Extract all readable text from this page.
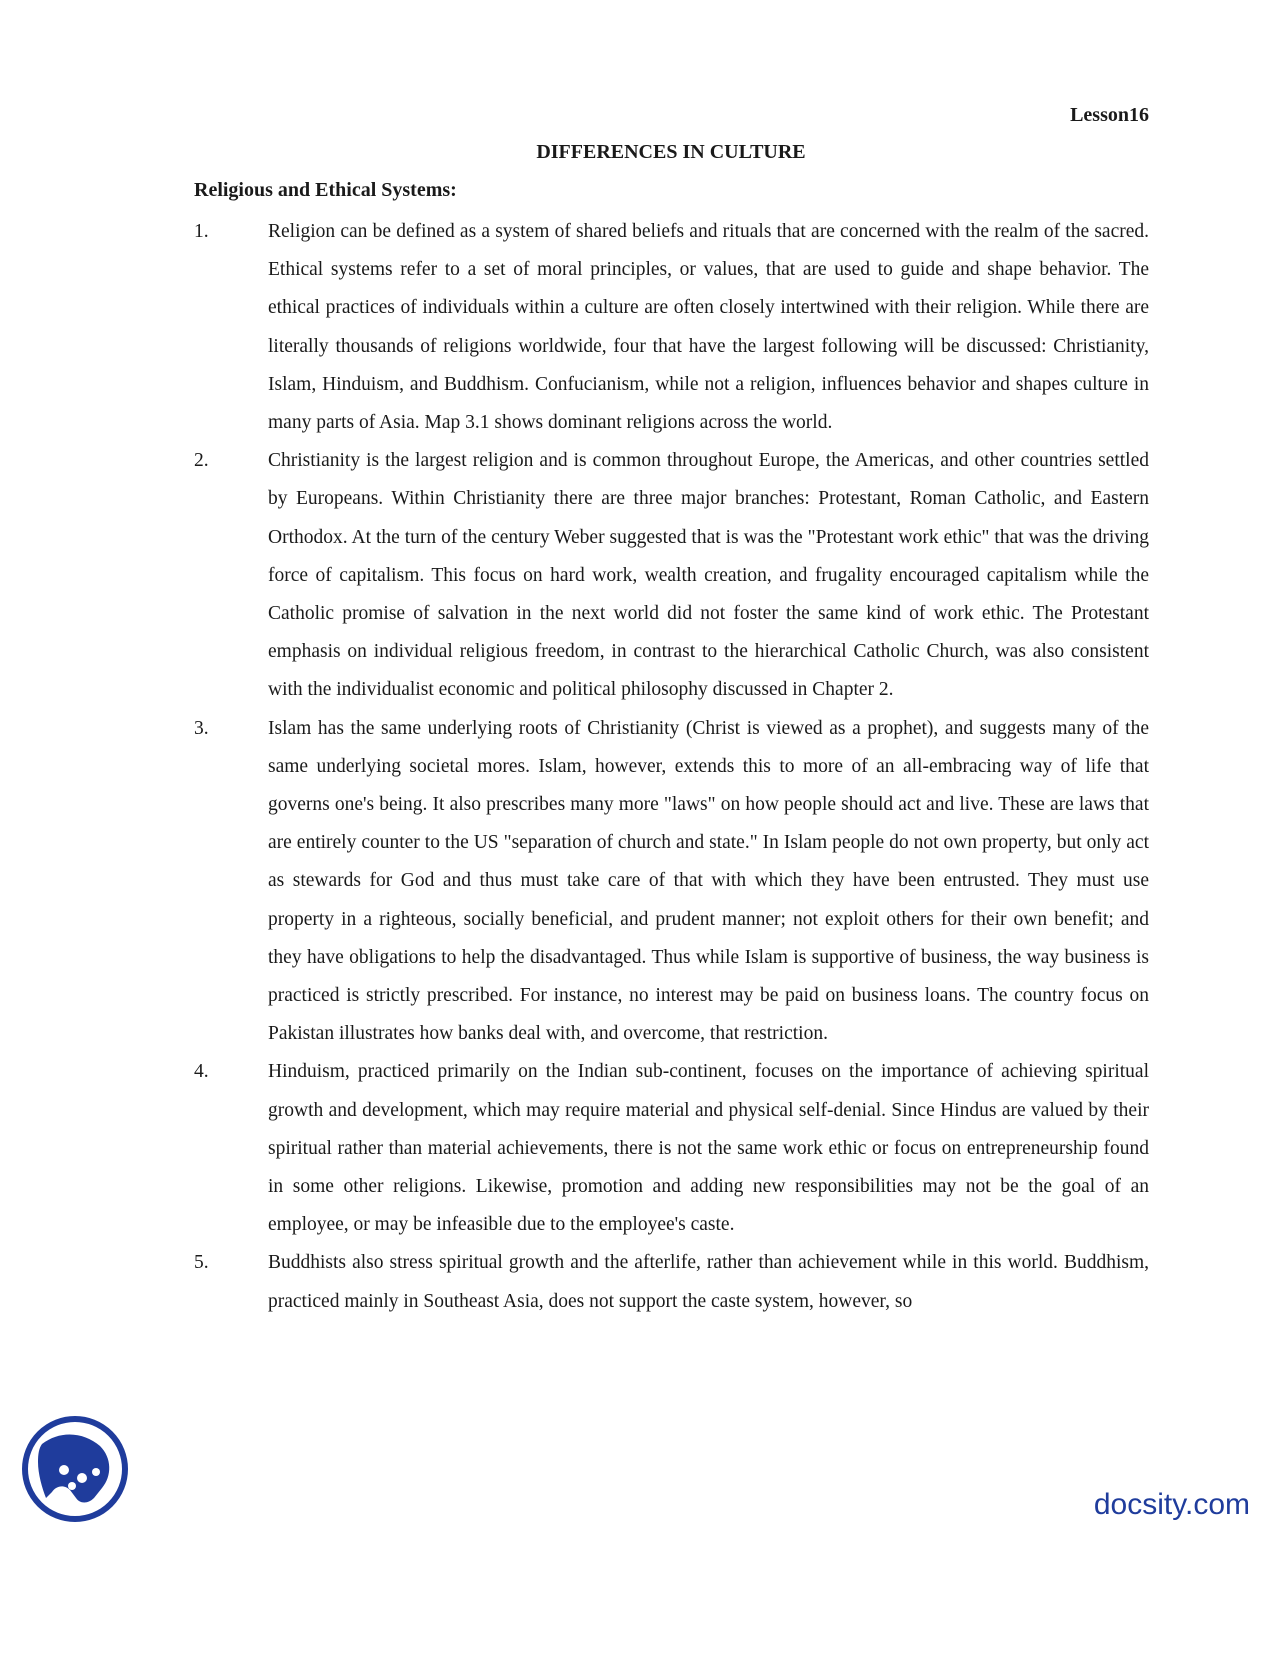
Lesson16
DIFFERENCES IN CULTURE
Religious and Ethical Systems:
1.	Religion can be defined as a system of shared beliefs and rituals that are concerned with the realm of the sacred. Ethical systems refer to a set of moral principles, or values, that are used to guide and shape behavior. The ethical practices of individuals within a culture are often closely intertwined with their religion. While there are literally thousands of religions worldwide, four that have the largest following will be discussed: Christianity, Islam, Hinduism, and Buddhism. Confucianism, while not a religion, influences behavior and shapes culture in many parts of Asia. Map 3.1 shows dominant religions across the world.

2.	Christianity is the largest religion and is common throughout Europe, the Americas, and other countries settled by Europeans. Within Christianity there are three major branches: Protestant, Roman Catholic, and Eastern Orthodox. At the turn of the century Weber suggested that is was the "Protestant work ethic" that was the driving force of capitalism. This focus on hard work, wealth creation, and frugality encouraged capitalism while the Catholic promise of salvation in the next world did not foster the same kind of work ethic. The Protestant emphasis on individual religious freedom, in contrast to the hierarchical Catholic Church, was also consistent with the individualist economic and political philosophy discussed in Chapter 2.

3.	Islam has the same underlying roots of Christianity (Christ is viewed as a prophet), and suggests many of the same underlying societal mores. Islam, however, extends this to more of an all-embracing way of life that governs one's being. It also prescribes many more "laws" on how people should act and live. These are laws that are entirely counter to the US "separation of church and state." In Islam people do not own property, but only act as stewards for God and thus must take care of that with which they have been entrusted. They must use property in a righteous, socially beneficial, and prudent manner; not exploit others for their own benefit; and they have obligations to help the disadvantaged. Thus while Islam is supportive of business, the way business is practiced is strictly prescribed. For instance, no interest may be paid on business loans. The country focus on Pakistan illustrates how banks deal with, and overcome, that restriction.

4.	Hinduism, practiced primarily on the Indian sub-continent, focuses on the importance of achieving spiritual growth and development, which may require material and physical self-denial. Since Hindus are valued by their spiritual rather than material achievements, there is not the same work ethic or focus on entrepreneurship found in some other religions. Likewise, promotion and adding new responsibilities may not be the goal of an employee, or may be infeasible due to the employee's caste.

5.	Buddhists also stress spiritual growth and the afterlife, rather than achievement while in this world. Buddhism, practiced mainly in Southeast Asia, does not support the caste system, however, so

docsity.com
